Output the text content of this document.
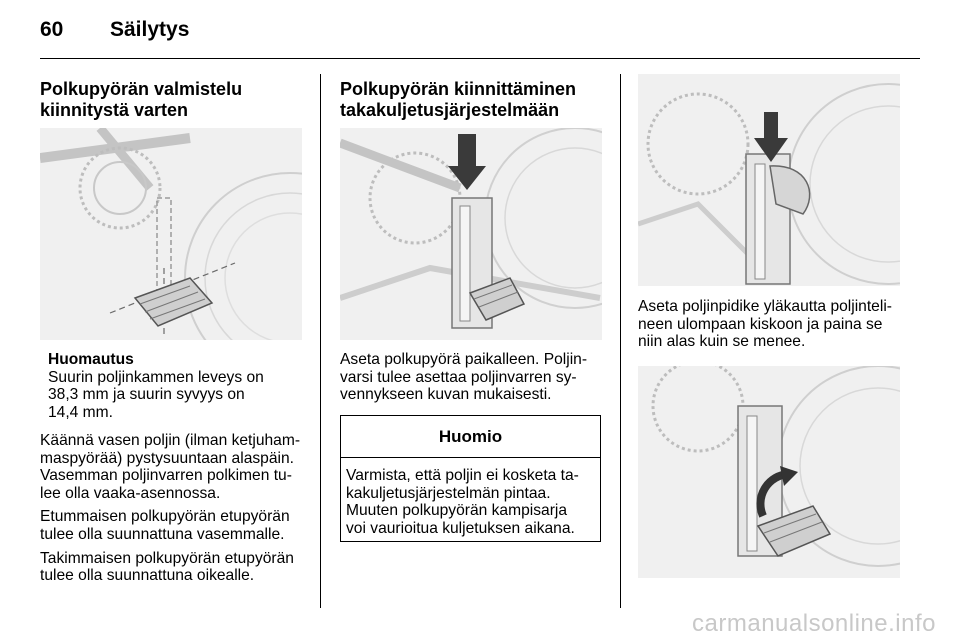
60 Säilytys
Polkupyörän valmistelu
kiinnitystä varten
Huomautus
Suurin poljinkammen leveys on
38,3 mm ja suurin syvyys on
14,4 mm.

Käännä vasen poljin (ilman ketjuham-
maspyörää) pystysuuntaan alaspäin.
Vasemman poljinvarren polkimen tu-
lee olla vaaka-asennossa.

Etummaisen polkupyörän etupyörän
tulee olla suunnattuna vasemmalle.

Takimmaisen polkupyörän etupyörän
tulee olla suunnattuna oikealle.

Polkupyörän kiinnittäminen
takakuljetusjärjestelmään

Aseta polkupyörä paikalleen. Poljin-
varsi tulee asettaa poljinvarren sy-
vennykseen kuvan mukaisesti.

Huomio
Varmista, että poljin ei kosketa ta-
kakuljetusjärjestelmän pintaa.
Muuten polkupyörän kampisarja
voi vaurioitua kuljetuksen aikana.

Aseta poljinpidike yläkautta poljinteli-
neen ulompaan kiskoon ja paina se
niin alas kuin se menee.

carmanualsonline.info
